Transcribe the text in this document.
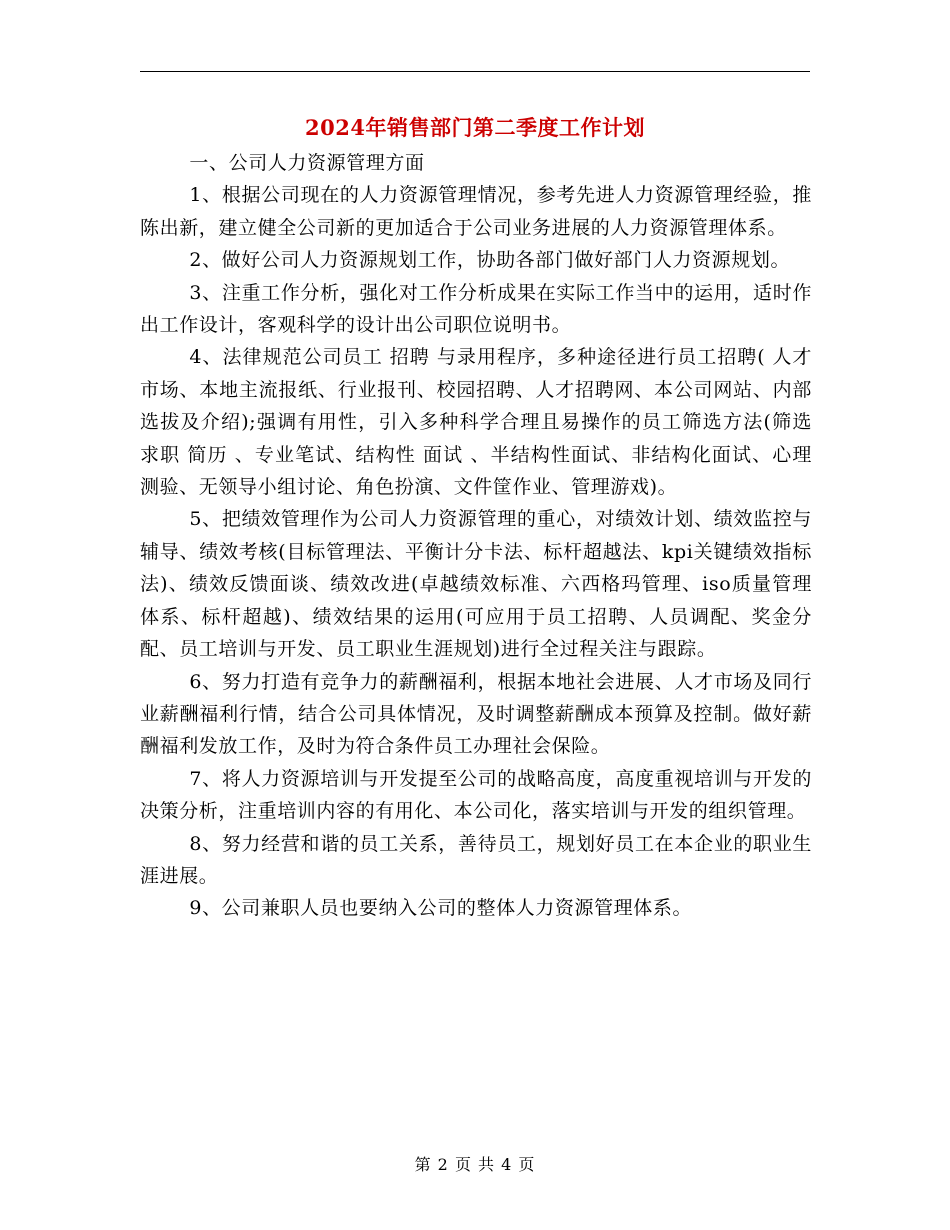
2024年销售部门第二季度工作计划

一、公司人力资源管理方面

1、根据公司现在的人力资源管理情况，参考先进人力资源管理经验，推陈出新，建立健全公司新的更加适合于公司业务进展的人力资源管理体系。

2、做好公司人力资源规划工作，协助各部门做好部门人力资源规划。

3、注重工作分析，强化对工作分析成果在实际工作当中的运用，适时作出工作设计，客观科学的设计出公司职位说明书。

4、法律规范公司员工 招聘 与录用程序，多种途径进行员工招聘( 人才 市场、本地主流报纸、行业报刊、校园招聘、人才招聘网、本公司网站、内部选拔及介绍);强调有用性，引入多种科学合理且易操作的员工筛选方法(筛选 求职 简历 、专业笔试、结构性 面试 、半结构性面试、非结构化面试、心理测验、无领导小组讨论、角色扮演、文件筐作业、管理游戏)。

5、把绩效管理作为公司人力资源管理的重心，对绩效计划、绩效监控与辅导、绩效考核(目标管理法、平衡计分卡法、标杆超越法、kpi关键绩效指标法)、绩效反馈面谈、绩效改进(卓越绩效标准、六西格玛管理、iso质量管理体系、标杆超越)、绩效结果的运用(可应用于员工招聘、人员调配、奖金分配、员工培训与开发、员工职业生涯规划)进行全过程关注与跟踪。

6、努力打造有竞争力的薪酬福利，根据本地社会进展、人才市场及同行业薪酬福利行情，结合公司具体情况，及时调整薪酬成本预算及控制。做好薪酬福利发放工作，及时为符合条件员工办理社会保险。

7、将人力资源培训与开发提至公司的战略高度，高度重视培训与开发的决策分析，注重培训内容的有用化、本公司化，落实培训与开发的组织管理。

8、努力经营和谐的员工关系，善待员工，规划好员工在本企业的职业生涯进展。

9、公司兼职人员也要纳入公司的整体人力资源管理体系。

第 2 页 共 4 页
